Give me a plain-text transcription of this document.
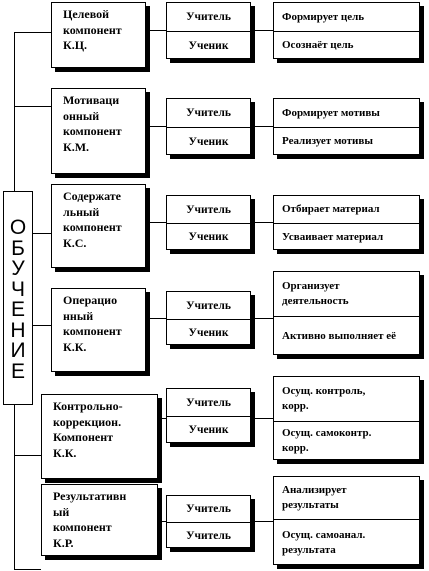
О
Б
У
Ч
Е
Н
И
Е
Целевой
компонент
К.Ц.
Учитель
Ученик
Формирует цель
Осознаёт цель
Мотиваци
онный
компонент
К.М.
Учитель
Ученик
Формирует мотивы
Реализует мотивы
Содержате
льный
компонент
К.С.
Учитель
Ученик
Отбирает материал
Усваивает материал
Операцио
нный
компонент
К.К.
Учитель
Ученик
Организует деятельность
Активно выполняет её
Контрольно-
коррекцион.
Компонент
К.К.
Учитель
Ученик
Осущ. контроль, корр.
Осущ. самоконтр. корр.
Результативн
ый
компонент
К.Р.
Учитель
Учитель
Анализирует результаты
Осущ. самоанал. результата
